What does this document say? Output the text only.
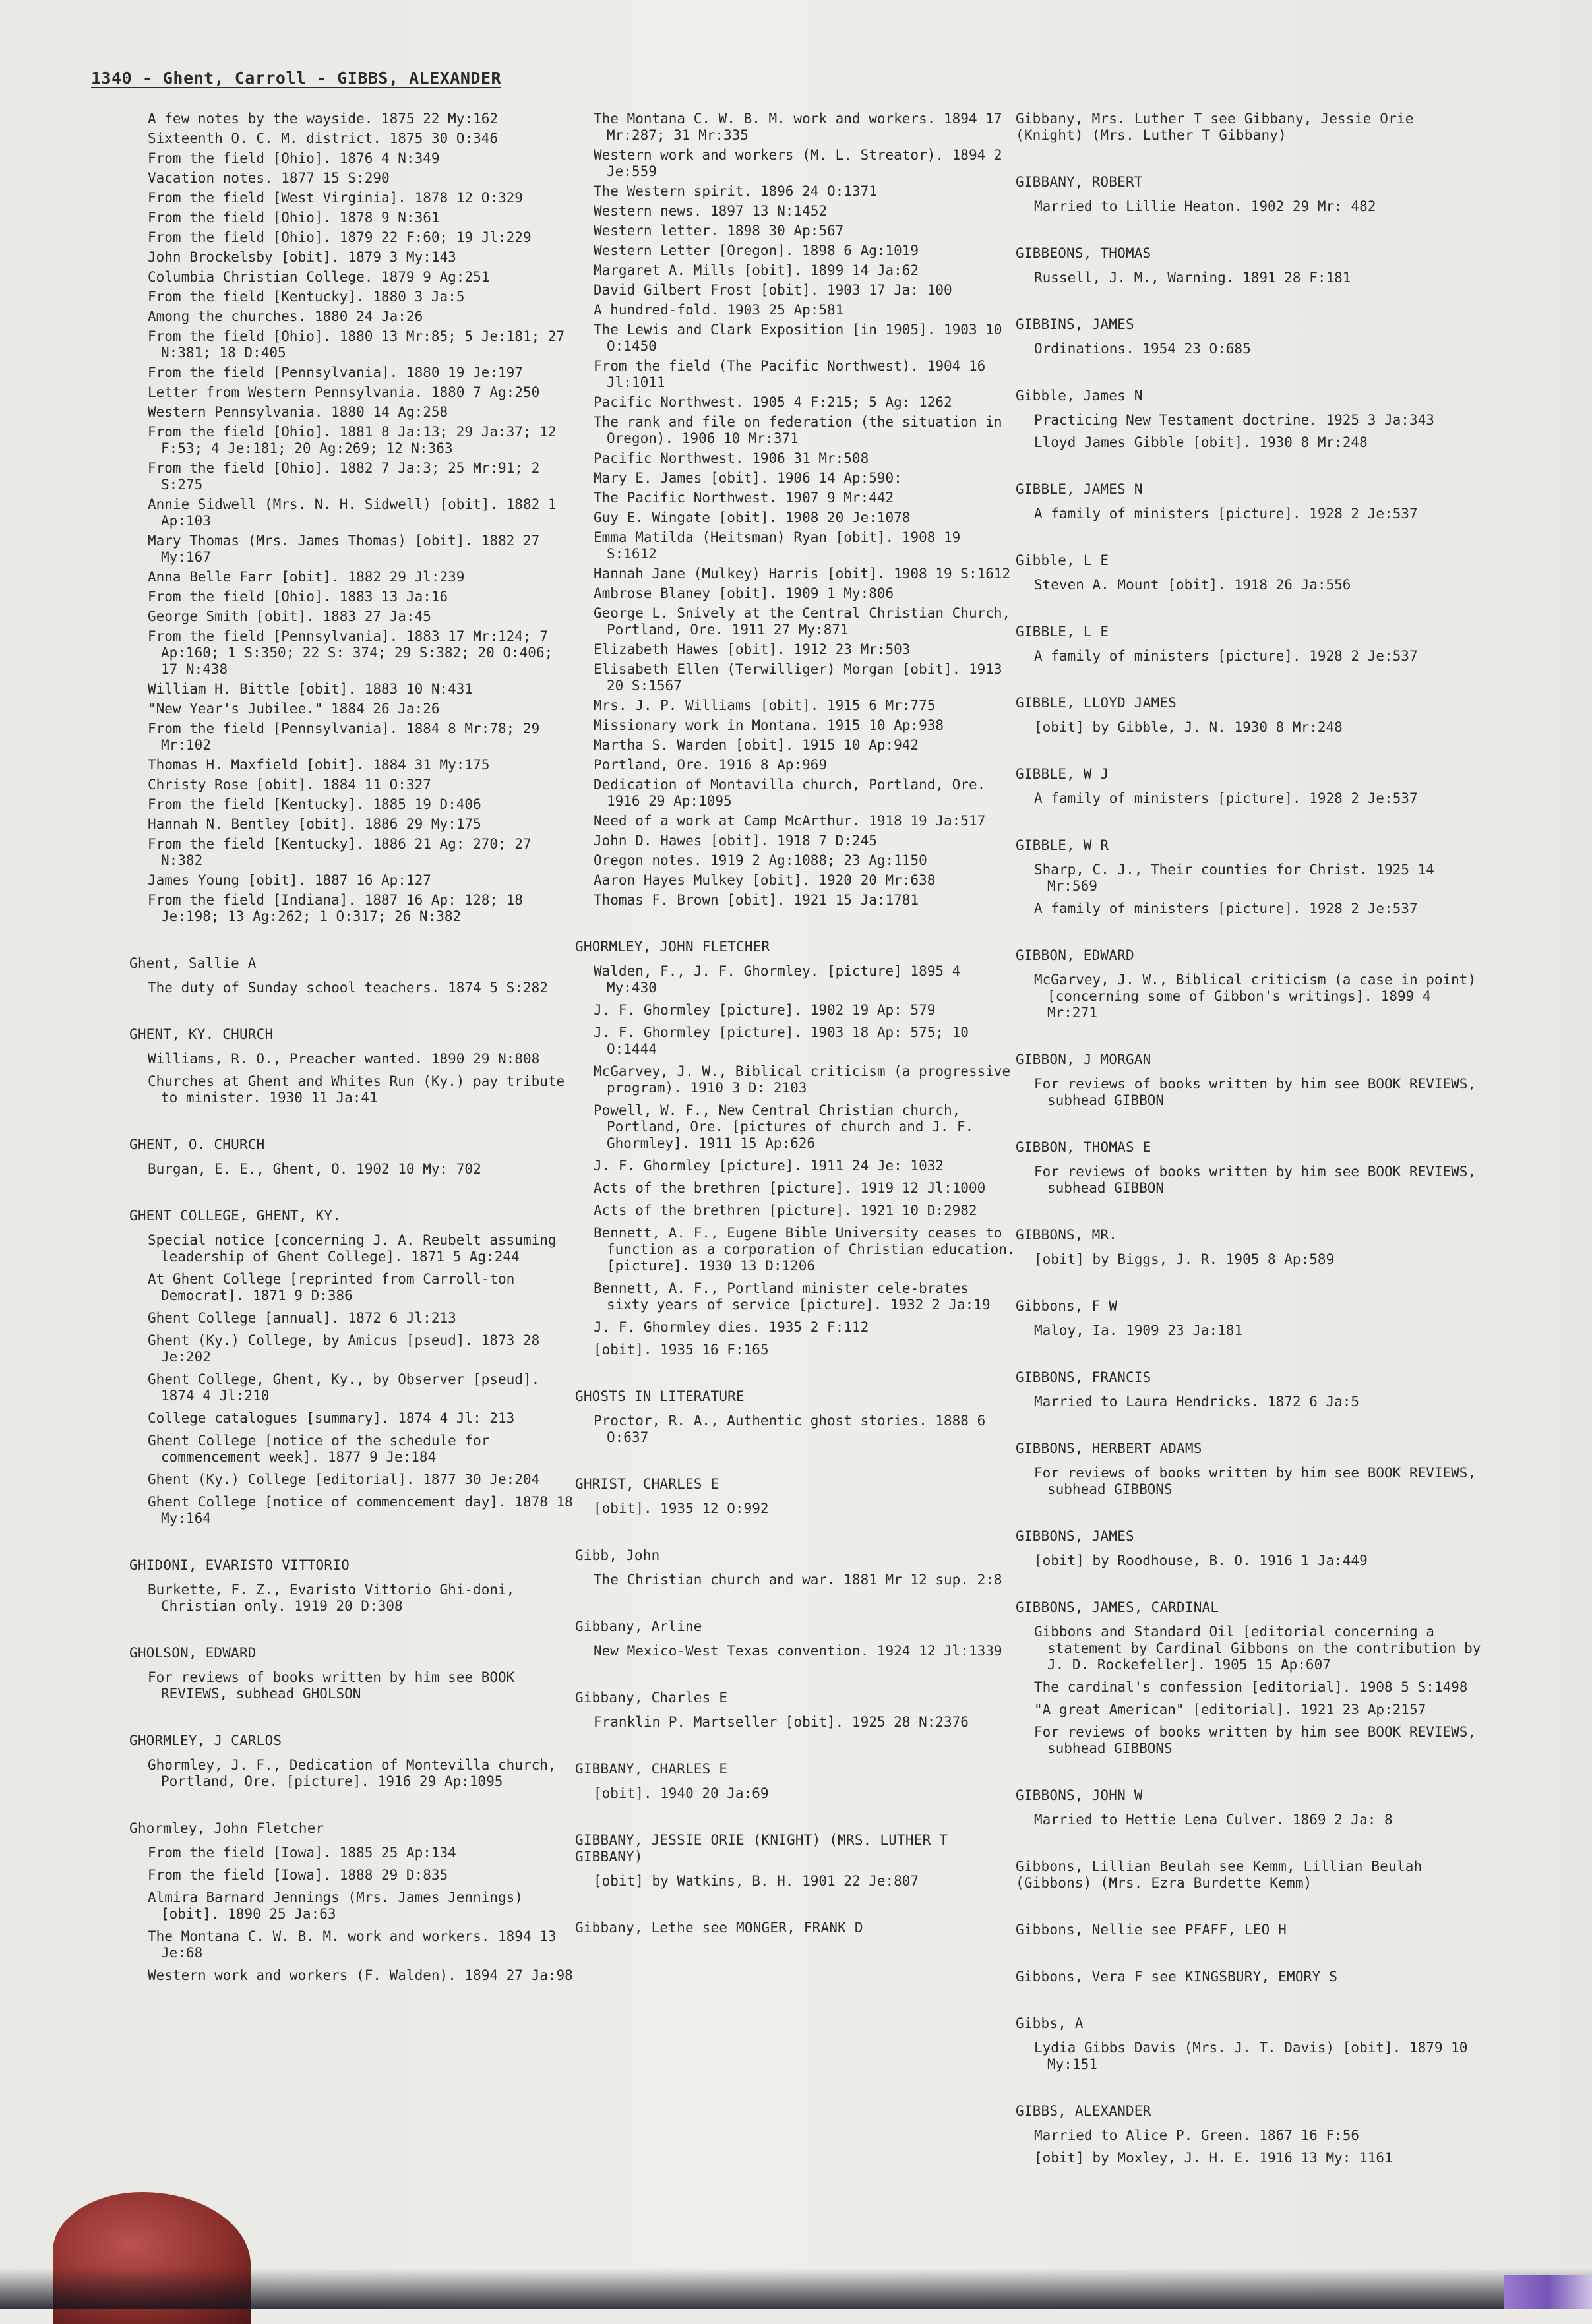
1340 - Ghent, Carroll - GIBBS, ALEXANDER
A few notes by the wayside. 1875 22 My:162
Sixteenth O. C. M. district. 1875 30 O:346
From the field [Ohio]. 1876 4 N:349
Vacation notes. 1877 15 S:290
From the field [West Virginia]. 1878 12 O:329
From the field [Ohio]. 1878 9 N:361
From the field [Ohio]. 1879 22 F:60; 19 Jl:229
John Brockelsby [obit]. 1879 3 My:143
Columbia Christian College. 1879 9 Ag:251
From the field [Kentucky]. 1880 3 Ja:5
Among the churches. 1880 24 Ja:26
From the field [Ohio]. 1880 13 Mr:85; 5 Je:181; 27 N:381; 18 D:405
From the field [Pennsylvania]. 1880 19 Je:197
Letter from Western Pennsylvania. 1880 7 Ag:250
Western Pennsylvania. 1880 14 Ag:258
From the field [Ohio]. 1881 8 Ja:13; 29 Ja:37; 12 F:53; 4 Je:181; 20 Ag:269; 12 N:363
From the field [Ohio]. 1882 7 Ja:3; 25 Mr:91; 2 S:275
Annie Sidwell (Mrs. N. H. Sidwell) [obit]. 1882 1 Ap:103
Mary Thomas (Mrs. James Thomas) [obit]. 1882 27 My:167
Anna Belle Farr [obit]. 1882 29 Jl:239
From the field [Ohio]. 1883 13 Ja:16
George Smith [obit]. 1883 27 Ja:45
From the field [Pennsylvania]. 1883 17 Mr:124; 7 Ap:160; 1 S:350; 22 S: 374; 29 S:382; 20 O:406; 17 N:438
William H. Bittle [obit]. 1883 10 N:431
"New Year's Jubilee." 1884 26 Ja:26
From the field [Pennsylvania]. 1884 8 Mr:78; 29 Mr:102
Thomas H. Maxfield [obit]. 1884 31 My:175
Christy Rose [obit]. 1884 11 O:327
From the field [Kentucky]. 1885 19 D:406
Hannah N. Bentley [obit]. 1886 29 My:175
From the field [Kentucky]. 1886 21 Ag: 270; 27 N:382
James Young [obit]. 1887 16 Ap:127
From the field [Indiana]. 1887 16 Ap: 128; 18 Je:198; 13 Ag:262; 1 O:317; 26 N:382
Ghent, Sallie A
The duty of Sunday school teachers. 1874 5 S:282
GHENT, KY. CHURCH
Williams, R. O., Preacher wanted. 1890 29 N:808
Churches at Ghent and Whites Run (Ky.) pay tribute to minister. 1930 11 Ja:41
GHENT, O. CHURCH
Burgan, E. E., Ghent, O. 1902 10 My: 702
GHENT COLLEGE, GHENT, KY.
Special notice [concerning J. A. Reubelt assuming leadership of Ghent College]. 1871 5 Ag:244
At Ghent College [reprinted from Carroll-ton Democrat]. 1871 9 D:386
Ghent College [annual]. 1872 6 Jl:213
Ghent (Ky.) College, by Amicus [pseud]. 1873 28 Je:202
Ghent College, Ghent, Ky., by Observer [pseud]. 1874 4 Jl:210
College catalogues [summary]. 1874 4 Jl: 213
Ghent College [notice of the schedule for commencement week]. 1877 9 Je:184
Ghent (Ky.) College [editorial]. 1877 30 Je:204
Ghent College [notice of commencement day]. 1878 18 My:164
GHIDONI, EVARISTO VITTORIO
Burkette, F. Z., Evaristo Vittorio Ghi-doni, Christian only. 1919 20 D:308
GHOLSON, EDWARD
For reviews of books written by him see BOOK REVIEWS, subhead GHOLSON
GHORMLEY, J CARLOS
Ghormley, J. F., Dedication of Montevilla church, Portland, Ore. [picture]. 1916 29 Ap:1095
Ghormley, John Fletcher
From the field [Iowa]. 1885 25 Ap:134
From the field [Iowa]. 1888 29 D:835
Almira Barnard Jennings (Mrs. James Jennings) [obit]. 1890 25 Ja:63
The Montana C. W. B. M. work and workers. 1894 13 Je:68
Western work and workers (F. Walden). 1894 27 Ja:98
The Montana C. W. B. M. work and workers. 1894 17 Mr:287; 31 Mr:335
Western work and workers (M. L. Streator). 1894 2 Je:559
The Western spirit. 1896 24 O:1371
Western news. 1897 13 N:1452
Western letter. 1898 30 Ap:567
Western Letter [Oregon]. 1898 6 Ag:1019
Margaret A. Mills [obit]. 1899 14 Ja:62
David Gilbert Frost [obit]. 1903 17 Ja: 100
A hundred-fold. 1903 25 Ap:581
The Lewis and Clark Exposition [in 1905]. 1903 10 O:1450
From the field (The Pacific Northwest). 1904 16 Jl:1011
Pacific Northwest. 1905 4 F:215; 5 Ag: 1262
The rank and file on federation (the situation in Oregon). 1906 10 Mr:371
Pacific Northwest. 1906 31 Mr:508
Mary E. James [obit]. 1906 14 Ap:590:
The Pacific Northwest. 1907 9 Mr:442
Guy E. Wingate [obit]. 1908 20 Je:1078
Emma Matilda (Heitsman) Ryan [obit]. 1908 19 S:1612
Hannah Jane (Mulkey) Harris [obit]. 1908 19 S:1612
Ambrose Blaney [obit]. 1909 1 My:806
George L. Snively at the Central Christian Church, Portland, Ore. 1911 27 My:871
Elizabeth Hawes [obit]. 1912 23 Mr:503
Elisabeth Ellen (Terwilliger) Morgan [obit]. 1913 20 S:1567
Mrs. J. P. Williams [obit]. 1915 6 Mr:775
Missionary work in Montana. 1915 10 Ap:938
Martha S. Warden [obit]. 1915 10 Ap:942
Portland, Ore. 1916 8 Ap:969
Dedication of Montavilla church, Portland, Ore. 1916 29 Ap:1095
Need of a work at Camp McArthur. 1918 19 Ja:517
John D. Hawes [obit]. 1918 7 D:245
Oregon notes. 1919 2 Ag:1088; 23 Ag:1150
Aaron Hayes Mulkey [obit]. 1920 20 Mr:638
Thomas F. Brown [obit]. 1921 15 Ja:1781
GHORMLEY, JOHN FLETCHER
Walden, F., J. F. Ghormley. [picture] 1895 4 My:430
J. F. Ghormley [picture]. 1902 19 Ap: 579
J. F. Ghormley [picture]. 1903 18 Ap: 575; 10 O:1444
McGarvey, J. W., Biblical criticism (a progressive program). 1910 3 D: 2103
Powell, W. F., New Central Christian church, Portland, Ore. [pictures of church and J. F. Ghormley]. 1911 15 Ap:626
J. F. Ghormley [picture]. 1911 24 Je: 1032
Acts of the brethren [picture]. 1919 12 Jl:1000
Acts of the brethren [picture]. 1921 10 D:2982
Bennett, A. F., Eugene Bible University ceases to function as a corporation of Christian education. [picture]. 1930 13 D:1206
Bennett, A. F., Portland minister cele-brates sixty years of service [picture]. 1932 2 Ja:19
J. F. Ghormley dies. 1935 2 F:112
[obit]. 1935 16 F:165
GHOSTS IN LITERATURE
Proctor, R. A., Authentic ghost stories. 1888 6 O:637
GHRIST, CHARLES E
[obit]. 1935 12 O:992
Gibb, John
The Christian church and war. 1881 Mr 12 sup. 2:8
Gibbany, Arline
New Mexico-West Texas convention. 1924 12 Jl:1339
Gibbany, Charles E
Franklin P. Martseller [obit]. 1925 28 N:2376
GIBBANY, CHARLES E
[obit]. 1940 20 Ja:69
GIBBANY, JESSIE ORIE (KNIGHT) (MRS. LUTHER T GIBBANY)
[obit] by Watkins, B. H. 1901 22 Je:807
Gibbany, Lethe see MONGER, FRANK D
Gibbany, Mrs. Luther T see Gibbany, Jessie Orie (Knight) (Mrs. Luther T Gibbany)
GIBBANY, ROBERT
Married to Lillie Heaton. 1902 29 Mr: 482
GIBBEONS, THOMAS
Russell, J. M., Warning. 1891 28 F:181
GIBBINS, JAMES
Ordinations. 1954 23 O:685
Gibble, James N
Practicing New Testament doctrine. 1925 3 Ja:343
Lloyd James Gibble [obit]. 1930 8 Mr:248
GIBBLE, JAMES N
A family of ministers [picture]. 1928 2 Je:537
Gibble, L E
Steven A. Mount [obit]. 1918 26 Ja:556
GIBBLE, L E
A family of ministers [picture]. 1928 2 Je:537
GIBBLE, LLOYD JAMES
[obit] by Gibble, J. N. 1930 8 Mr:248
GIBBLE, W J
A family of ministers [picture]. 1928 2 Je:537
GIBBLE, W R
Sharp, C. J., Their counties for Christ. 1925 14 Mr:569
A family of ministers [picture]. 1928 2 Je:537
GIBBON, EDWARD
McGarvey, J. W., Biblical criticism (a case in point) [concerning some of Gibbon's writings]. 1899 4 Mr:271
GIBBON, J MORGAN
For reviews of books written by him see BOOK REVIEWS, subhead GIBBON
GIBBON, THOMAS E
For reviews of books written by him see BOOK REVIEWS, subhead GIBBON
GIBBONS, MR.
[obit] by Biggs, J. R. 1905 8 Ap:589
Gibbons, F W
Maloy, Ia. 1909 23 Ja:181
GIBBONS, FRANCIS
Married to Laura Hendricks. 1872 6 Ja:5
GIBBONS, HERBERT ADAMS
For reviews of books written by him see BOOK REVIEWS, subhead GIBBONS
GIBBONS, JAMES
[obit] by Roodhouse, B. O. 1916 1 Ja:449
GIBBONS, JAMES, CARDINAL
Gibbons and Standard Oil [editorial concerning a statement by Cardinal Gibbons on the contribution by J. D. Rockefeller]. 1905 15 Ap:607
The cardinal's confession [editorial]. 1908 5 S:1498
"A great American" [editorial]. 1921 23 Ap:2157
For reviews of books written by him see BOOK REVIEWS, subhead GIBBONS
GIBBONS, JOHN W
Married to Hettie Lena Culver. 1869 2 Ja: 8
Gibbons, Lillian Beulah see Kemm, Lillian Beulah (Gibbons) (Mrs. Ezra Burdette Kemm)
Gibbons, Nellie see PFAFF, LEO H
Gibbons, Vera F see KINGSBURY, EMORY S
Gibbs, A
Lydia Gibbs Davis (Mrs. J. T. Davis) [obit]. 1879 10 My:151
GIBBS, ALEXANDER
Married to Alice P. Green. 1867 16 F:56
[obit] by Moxley, J. H. E. 1916 13 My: 1161
